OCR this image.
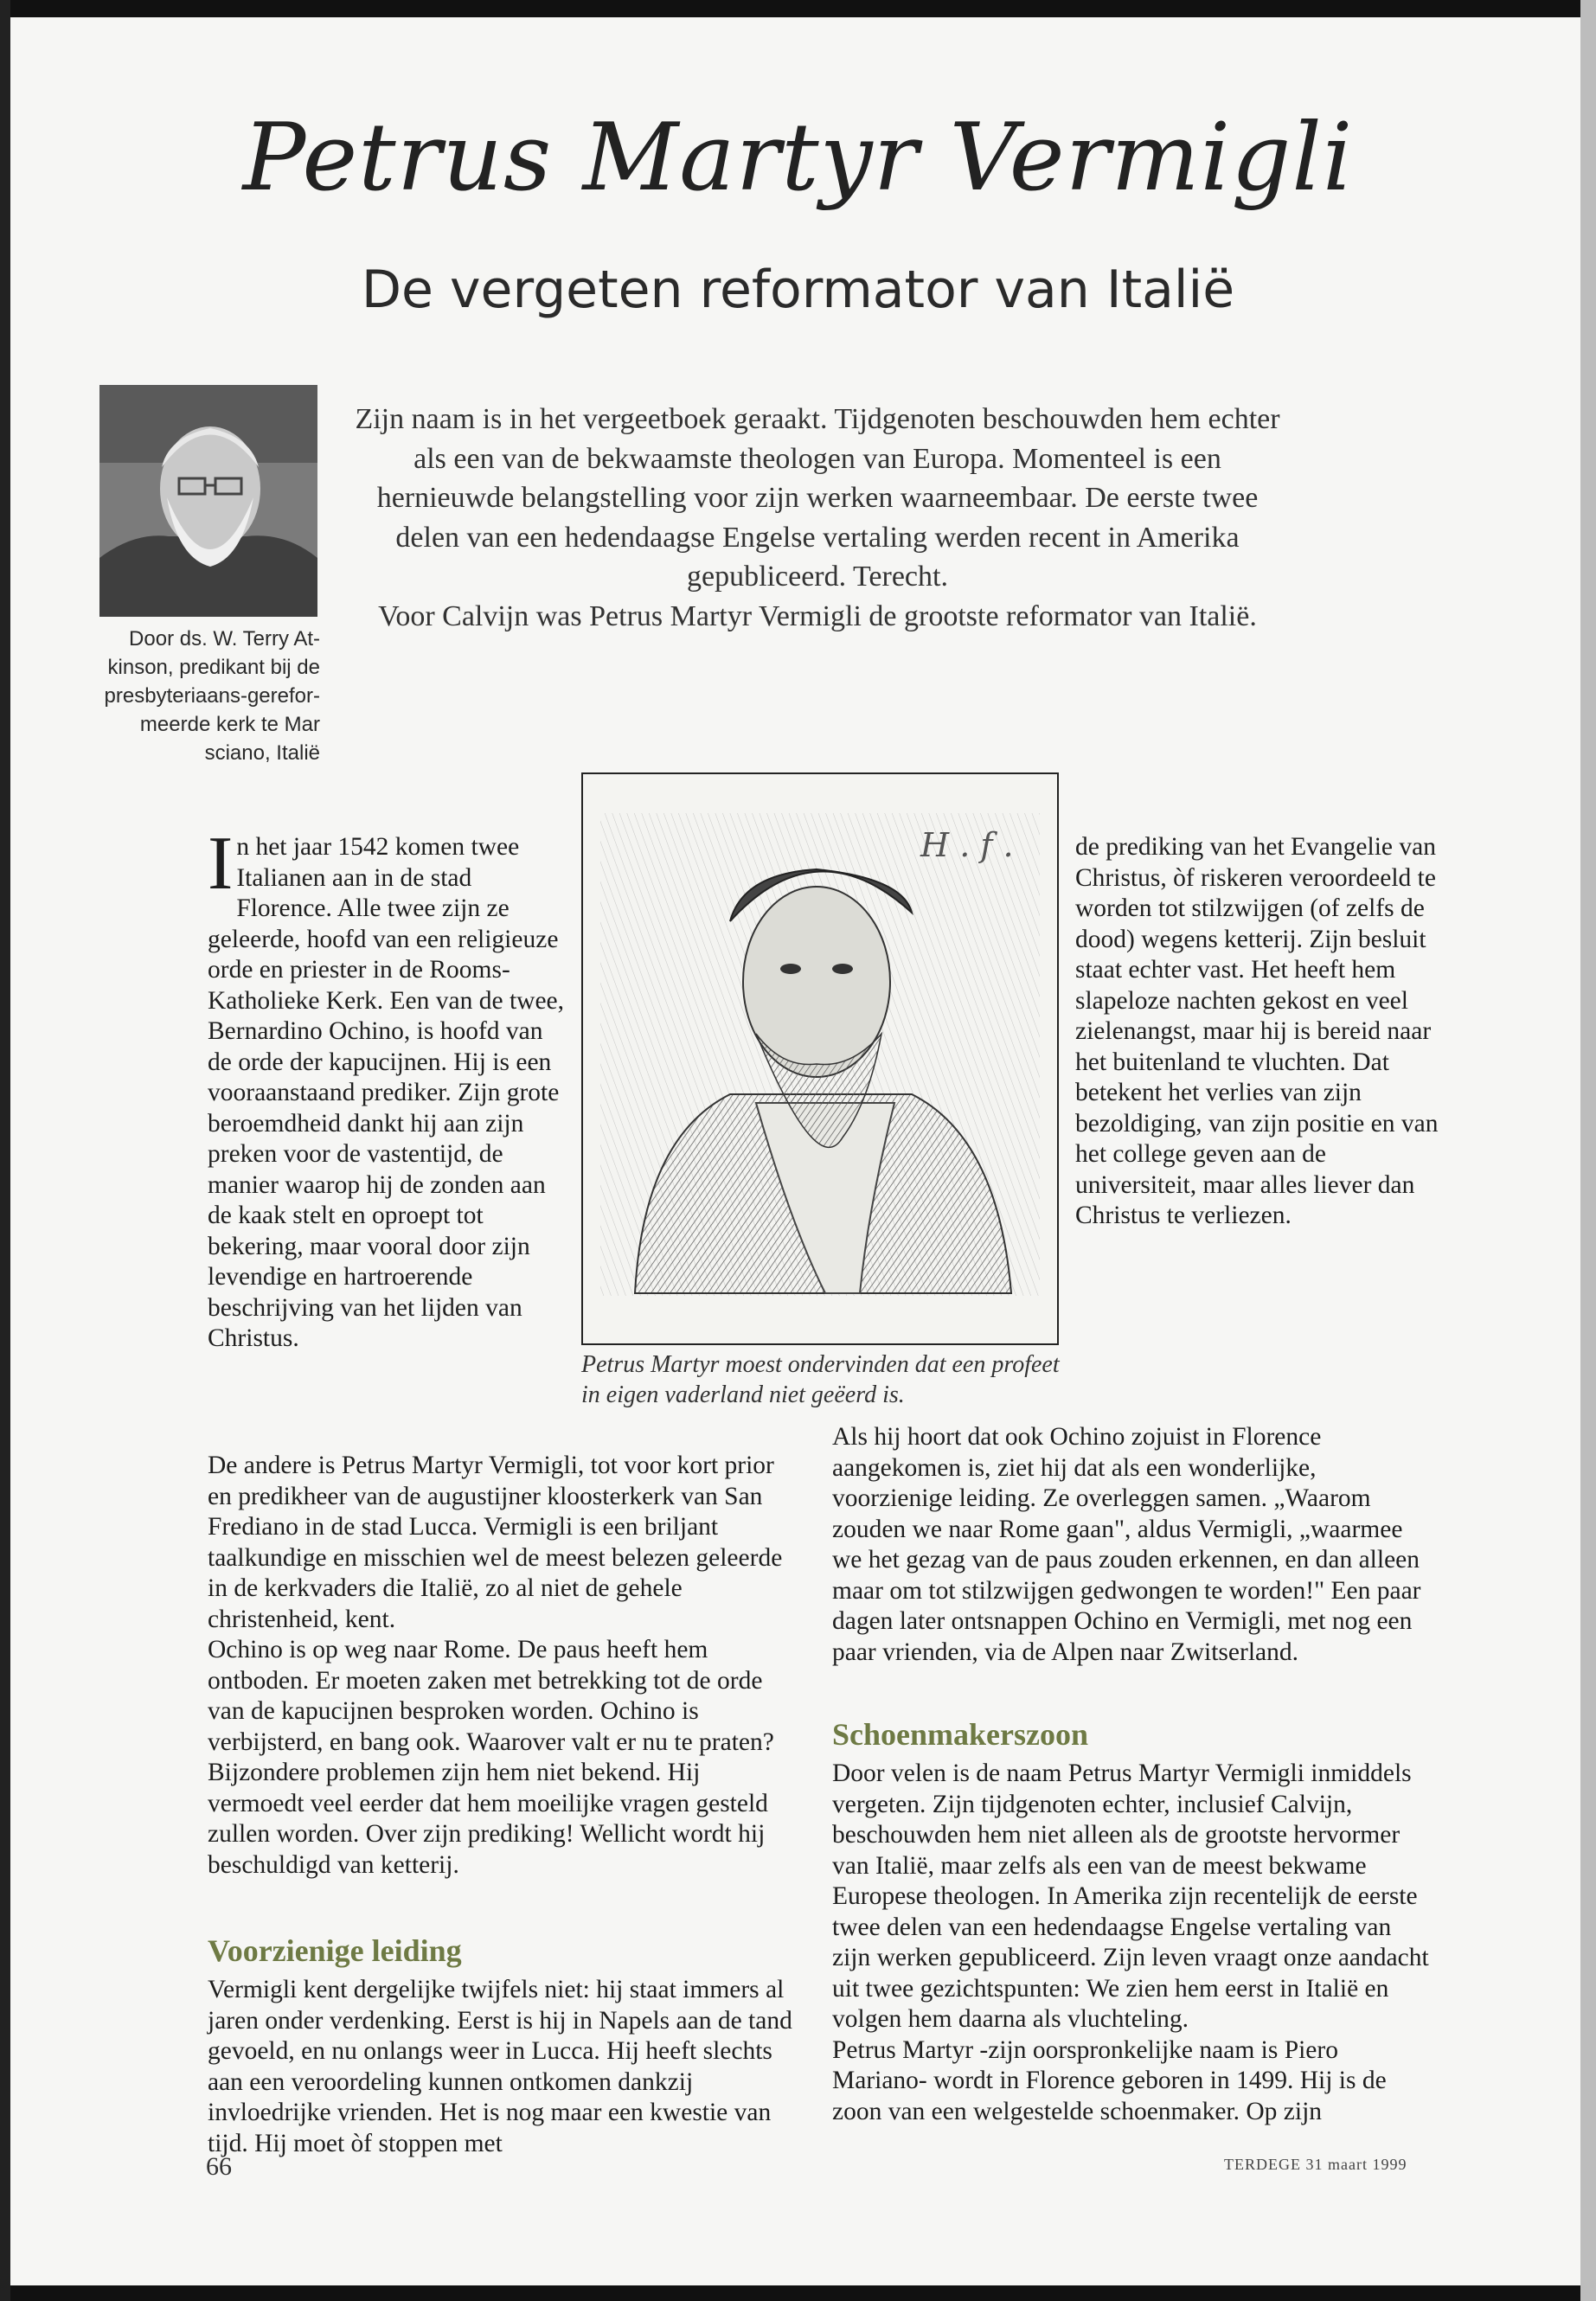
Petrus Martyr Vermigli
De vergeten reformator van Italië
Door ds. W. Terry At-kinson, predikant bij de presbyteriaans-gerefor-meerde kerk te Mar sciano, Italië

Zijn naam is in het vergeetboek geraakt. Tijdgenoten beschouwden hem echter als een van de bekwaamste theologen van Europa. Momenteel is een hernieuwde belangstelling voor zijn werken waarneembaar. De eerste twee delen van een hedendaagse Engelse vertaling werden recent in Amerika gepubliceerd. Terecht.

Voor Calvijn was Petrus Martyr Vermigli de grootste reformator van Italië.

H . f .
Petrus Martyr moest ondervinden dat een profeet in eigen vaderland niet geëerd is.
I n het jaar 1542 komen twee Italianen aan in de stad Florence. Alle twee zijn ze geleerde, hoofd van een religieuze orde en priester in de Rooms-Katholieke Kerk. Een van de twee, Bernardino Ochino, is hoofd van de orde der kapucijnen. Hij is een vooraanstaand prediker. Zijn grote beroemdheid dankt hij aan zijn preken voor de vastentijd, de manier waarop hij de zonden aan de kaak stelt en oproept tot bekering, maar vooral door zijn levendige en hartroerende beschrijving van het lijden van Christus.

De andere is Petrus Martyr Vermigli, tot voor kort prior en predikheer van de augustijner kloosterkerk van San Frediano in de stad Lucca. Vermigli is een briljant taalkundige en misschien wel de meest belezen geleerde in de kerkvaders die Italië, zo al niet de gehele christenheid, kent.

Ochino is op weg naar Rome. De paus heeft hem ontboden. Er moeten zaken met betrekking tot de orde van de kapucijnen besproken worden. Ochino is verbijsterd, en bang ook. Waarover valt er nu te praten? Bijzondere problemen zijn hem niet bekend. Hij vermoedt veel eerder dat hem moeilijke vragen gesteld zullen worden. Over zijn prediking! Wellicht wordt hij beschuldigd van ketterij.

de prediking van het Evangelie van Christus, òf riskeren veroordeeld te worden tot stilzwijgen (of zelfs de dood) wegens ketterij. Zijn besluit staat echter vast. Het heeft hem slapeloze nachten gekost en veel zielenangst, maar hij is bereid naar het buitenland te vluchten. Dat betekent het verlies van zijn bezoldiging, van zijn positie en van het college geven aan de universiteit, maar alles liever dan Christus te verliezen.

Als hij hoort dat ook Ochino zojuist in Florence aangekomen is, ziet hij dat als een wonderlijke, voorzienige leiding. Ze overleggen samen. „Waarom zouden we naar Rome gaan", aldus Vermigli, „waarmee we het gezag van de paus zouden erkennen, en dan alleen maar om tot stilzwijgen gedwongen te worden!" Een paar dagen later ontsnappen Ochino en Vermigli, met nog een paar vrienden, via de Alpen naar Zwitserland.

Voorzienige leiding

Vermigli kent dergelijke twijfels niet: hij staat immers al jaren onder verdenking. Eerst is hij in Napels aan de tand gevoeld, en nu onlangs weer in Lucca. Hij heeft slechts aan een veroordeling kunnen ontkomen dankzij invloedrijke vrienden. Het is nog maar een kwestie van tijd. Hij moet òf stoppen met

Schoenmakerszoon

Door velen is de naam Petrus Martyr Vermigli inmiddels vergeten. Zijn tijdgenoten echter, inclusief Calvijn, beschouwden hem niet alleen als de grootste hervormer van Italië, maar zelfs als een van de meest bekwame Europese theologen. In Amerika zijn recentelijk de eerste twee delen van een hedendaagse Engelse vertaling van zijn werken gepubliceerd. Zijn leven vraagt onze aandacht uit twee gezichtspunten: We zien hem eerst in Italië en volgen hem daarna als vluchteling.

Petrus Martyr -zijn oorspronkelijke naam is Piero Mariano- wordt in Florence geboren in 1499. Hij is de zoon van een welgestelde schoenmaker. Op zijn

66	TERDEGE 31 maart 1999
